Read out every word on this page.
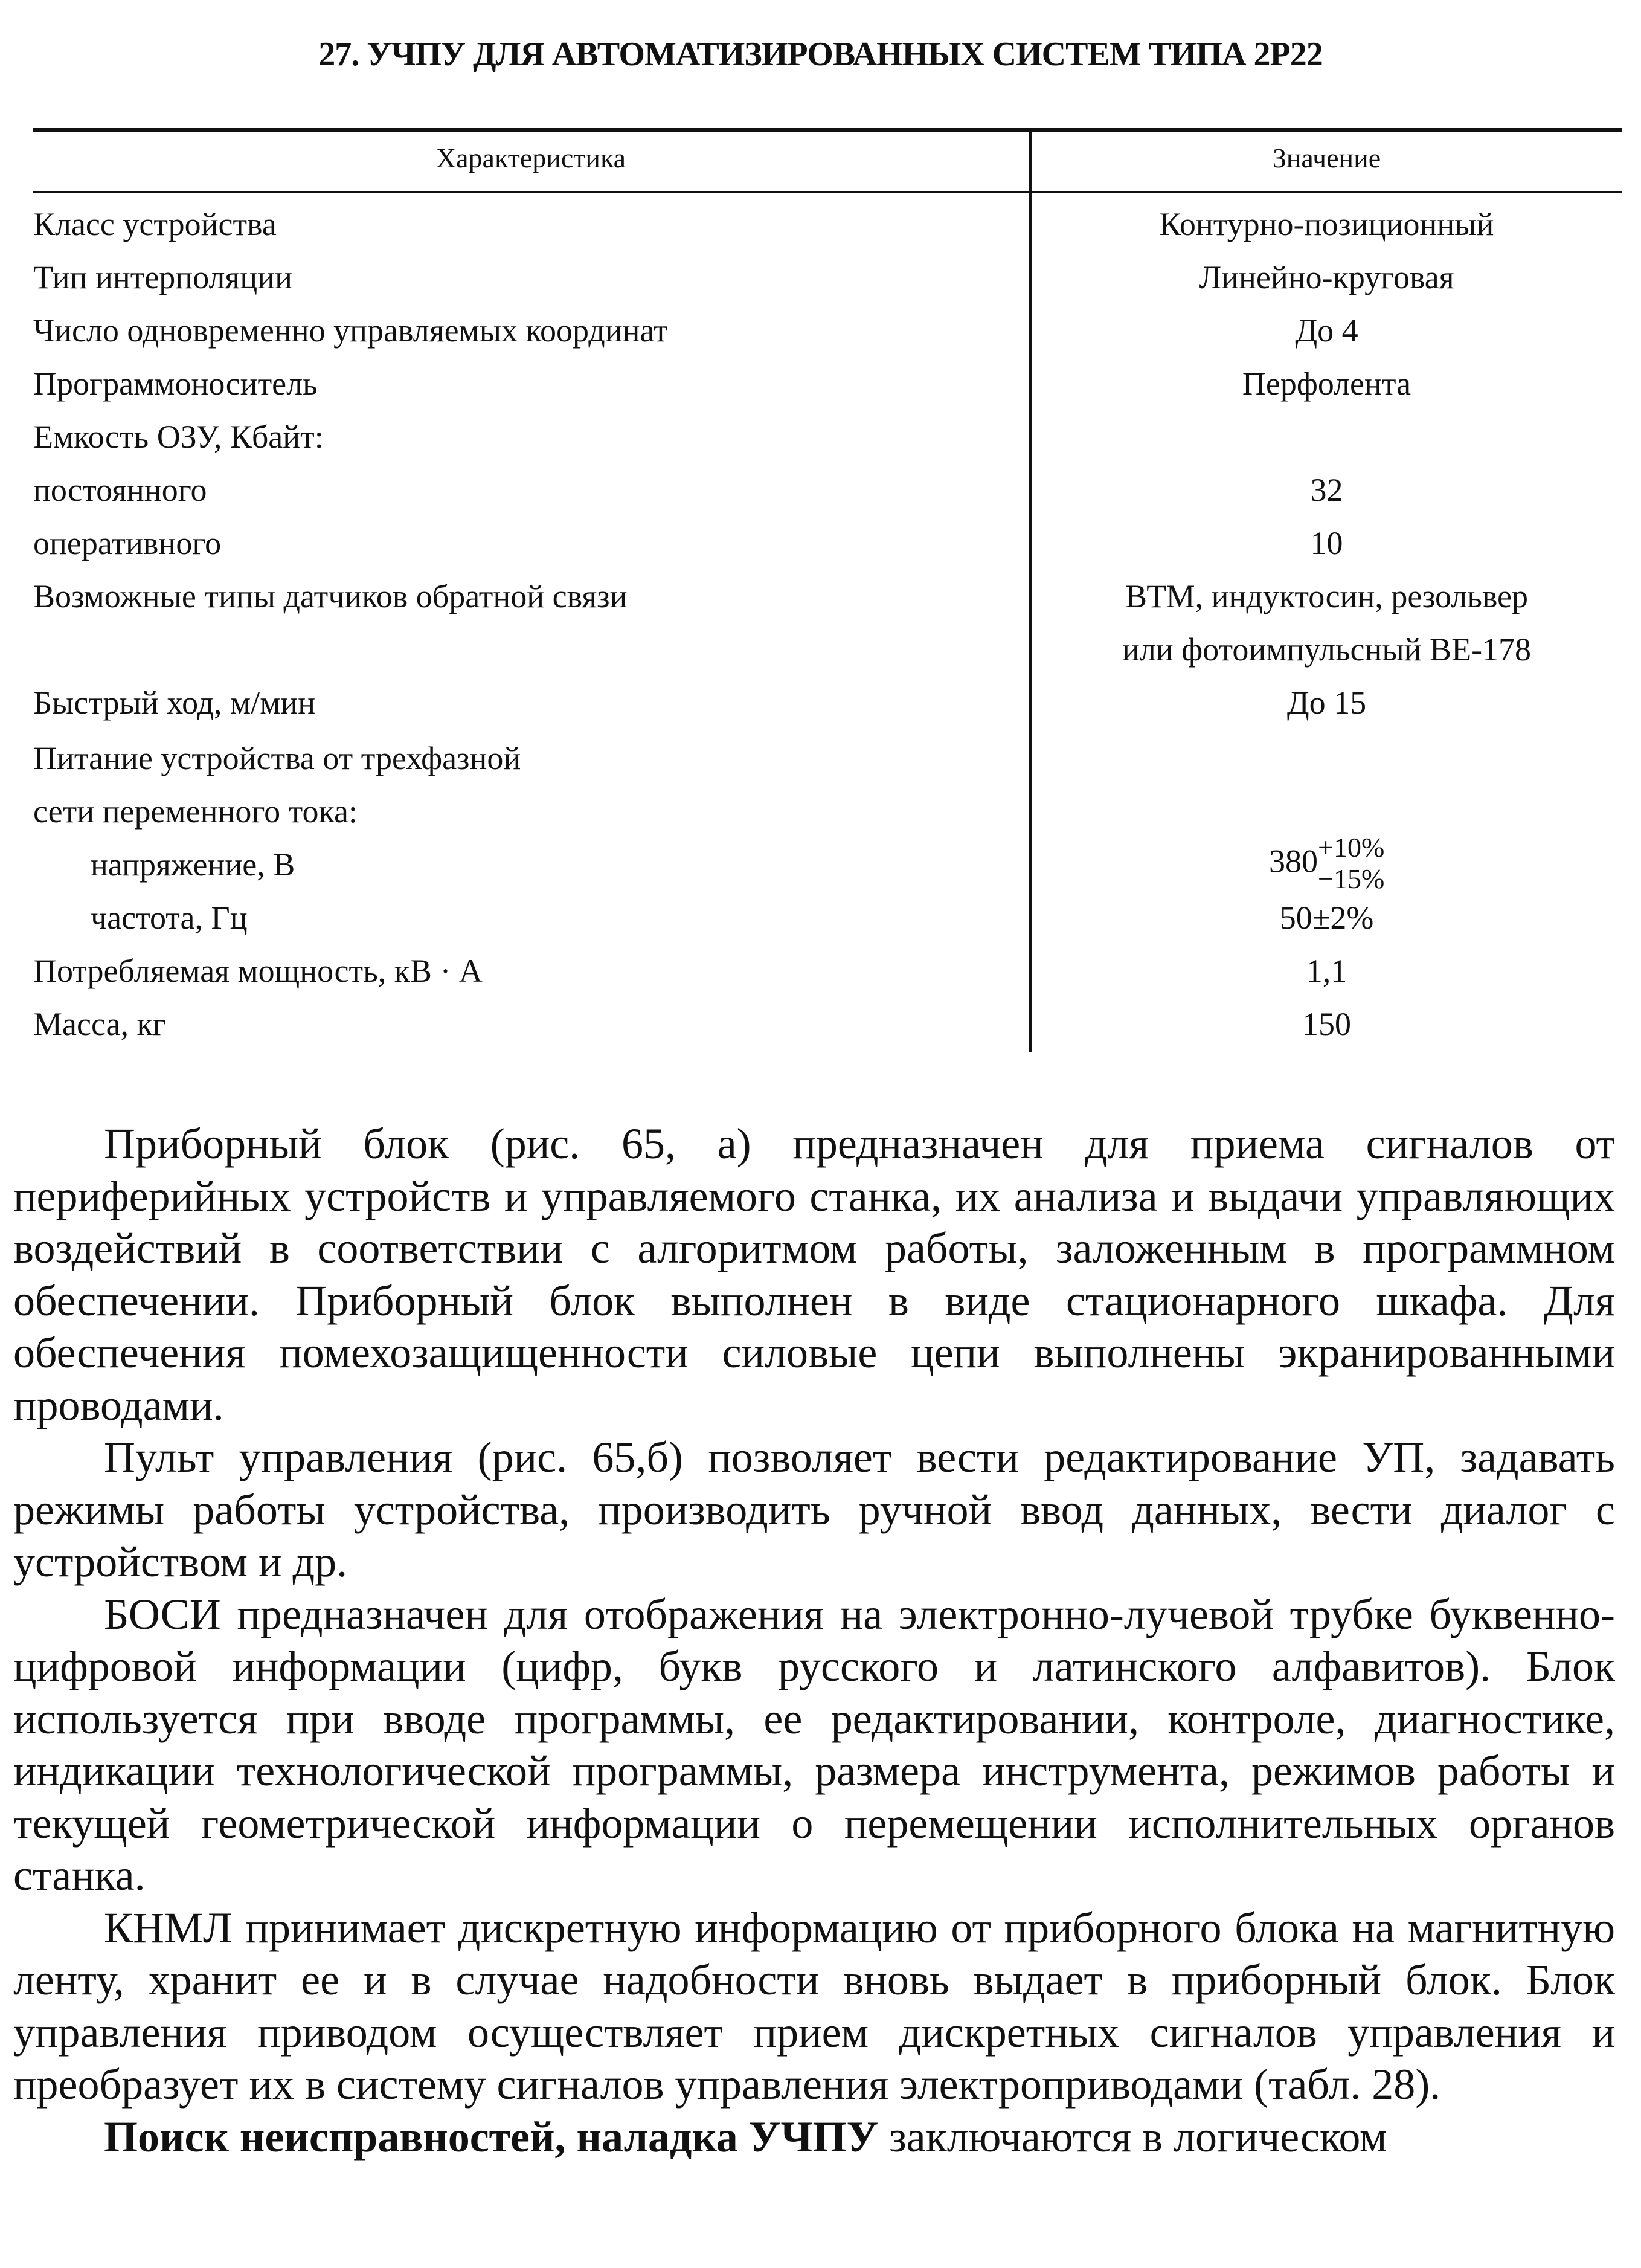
27. УЧПУ ДЛЯ АВТОМАТИЗИРОВАННЫХ СИСТЕМ ТИПА 2Р22
Характеристика	Значение
Класс устройства	Контурно-позиционный
Тип интерполяции	Линейно-круговая
Число одновременно управляемых координат	До 4
Программоноситель	Перфолента
Емкость ОЗУ, Кбайт:
постоянного	32
оперативного	10
Возможные типы датчиков обратной связи	ВТМ, индуктосин, резольвер
или фотоимпульсный ВЕ-178
Быстрый ход, м/мин	До 15
Питание устройства от трехфазной
сети переменного тока:
напряжение, В	380 +10%
−15%
частота, Гц	50±2%
Потребляемая мощность, кВ · А	1,1
Масса, кг	150

Приборный блок (рис. 65, а) предназначен для приема сигналов от периферийных устройств и управляемого станка, их анализа и выдачи управляющих воздействий в соответствии с алгоритмом работы, заложенным в программном обеспечении. Приборный блок выполнен в виде стационарного шкафа. Для обеспечения помехозащищенности силовые цепи выполнены экранированными проводами.

Пульт управления (рис. 65,б) позволяет вести редактирование УП, задавать режимы работы устройства, производить ручной ввод данных, вести диалог с устройством и др.

БОСИ предназначен для отображения на электронно-лучевой трубке буквенно-цифровой информации (цифр, букв русского и латинского алфавитов). Блок используется при вводе программы, ее редактировании, контроле, диагностике, индикации технологической программы, размера инструмента, режимов работы и текущей геометрической информации о перемещении исполнительных органов станка.

КНМЛ принимает дискретную информацию от приборного блока на магнитную ленту, хранит ее и в случае надобности вновь выдает в приборный блок. Блок управления приводом осуществляет прием дискретных сигналов управления и преобразует их в систему сигналов управления электроприводами (табл. 28).

Поиск неисправностей, наладка УЧПУ заключаются в логическом
